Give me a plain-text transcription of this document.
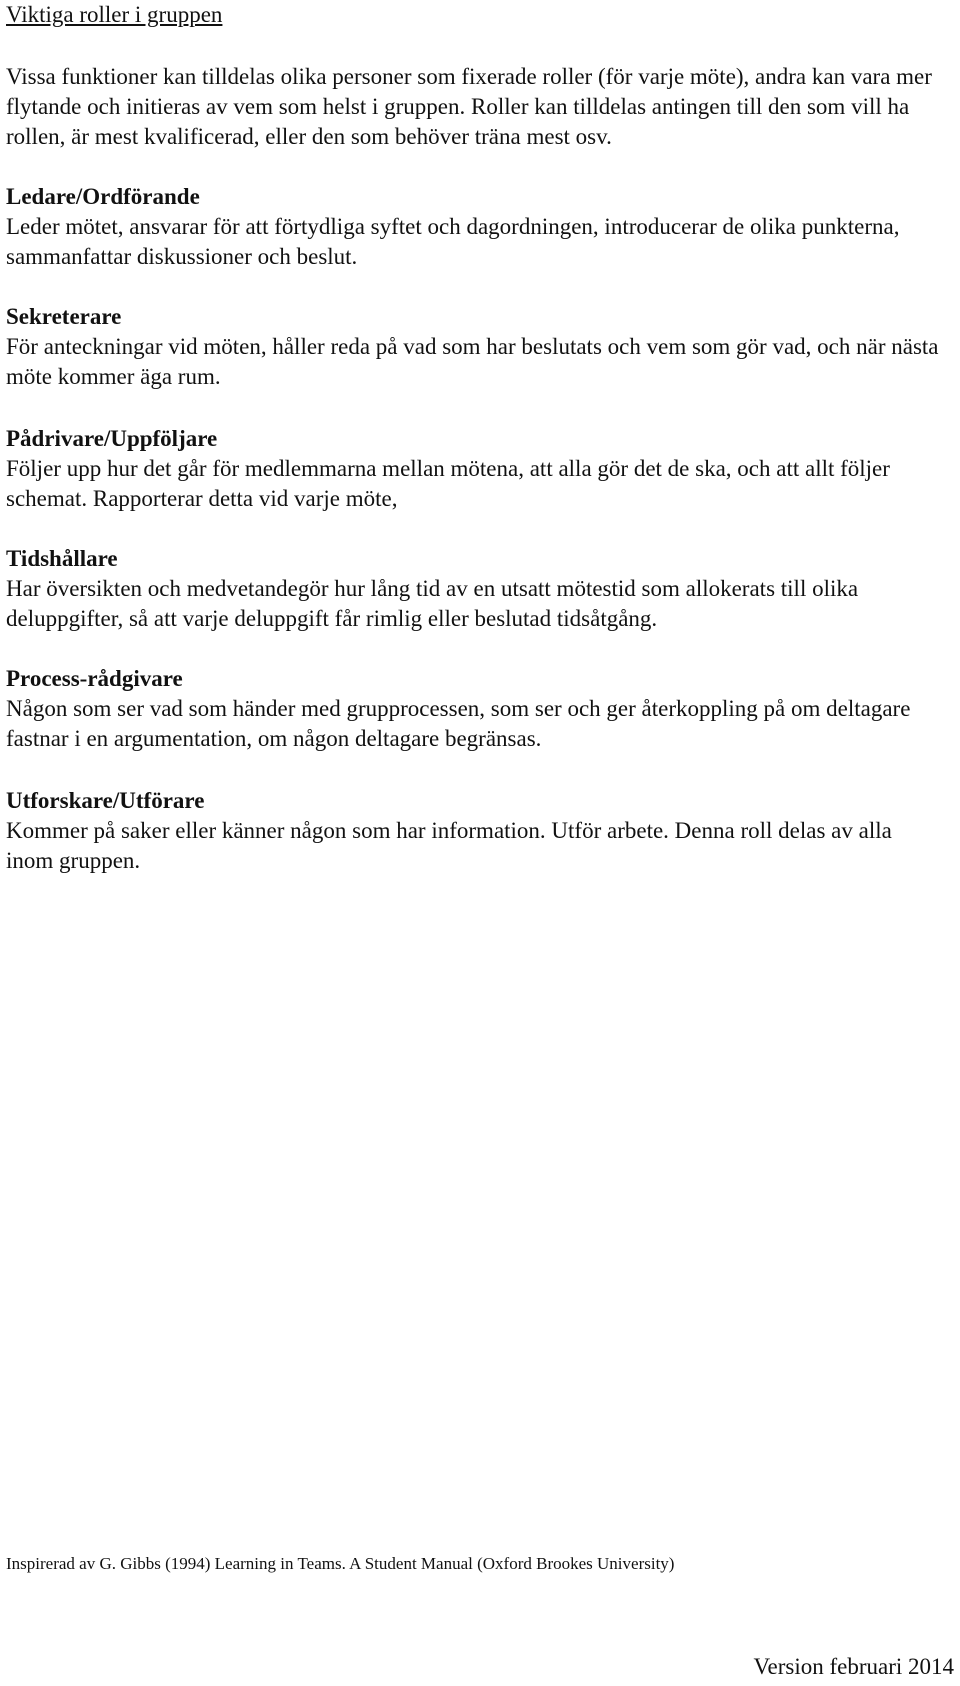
Viktiga roller i gruppen

Vissa funktioner kan tilldelas olika personer som fixerade roller (för varje möte), andra kan vara mer flytande och initieras av vem som helst i gruppen. Roller kan tilldelas antingen till den som vill ha rollen, är mest kvalificerad, eller den som behöver träna mest osv.

Ledare/Ordförande

Leder mötet, ansvarar för att förtydliga syftet och dagordningen, introducerar de olika punkterna, sammanfattar diskussioner och beslut.

Sekreterare

För anteckningar vid möten, håller reda på vad som har beslutats och vem som gör vad, och när nästa möte kommer äga rum.

Pådrivare/Uppföljare

Följer upp hur det går för medlemmarna mellan mötena, att alla gör det de ska, och att allt följer schemat. Rapporterar detta vid varje möte,

Tidshållare

Har översikten och medvetandegör hur lång tid av en utsatt mötestid som allokerats till olika deluppgifter, så att varje deluppgift får rimlig eller beslutad tidsåtgång.

Process-rådgivare

Någon som ser vad som händer med grupprocessen, som ser och ger återkoppling på om deltagare fastnar i en argumentation, om någon deltagare begränsas.

Utforskare/Utförare

Kommer på saker eller känner någon som har information. Utför arbete. Denna roll delas av alla inom gruppen.

Inspirerad av G. Gibbs (1994) Learning in Teams. A Student Manual (Oxford Brookes University)

Version februari 2014
